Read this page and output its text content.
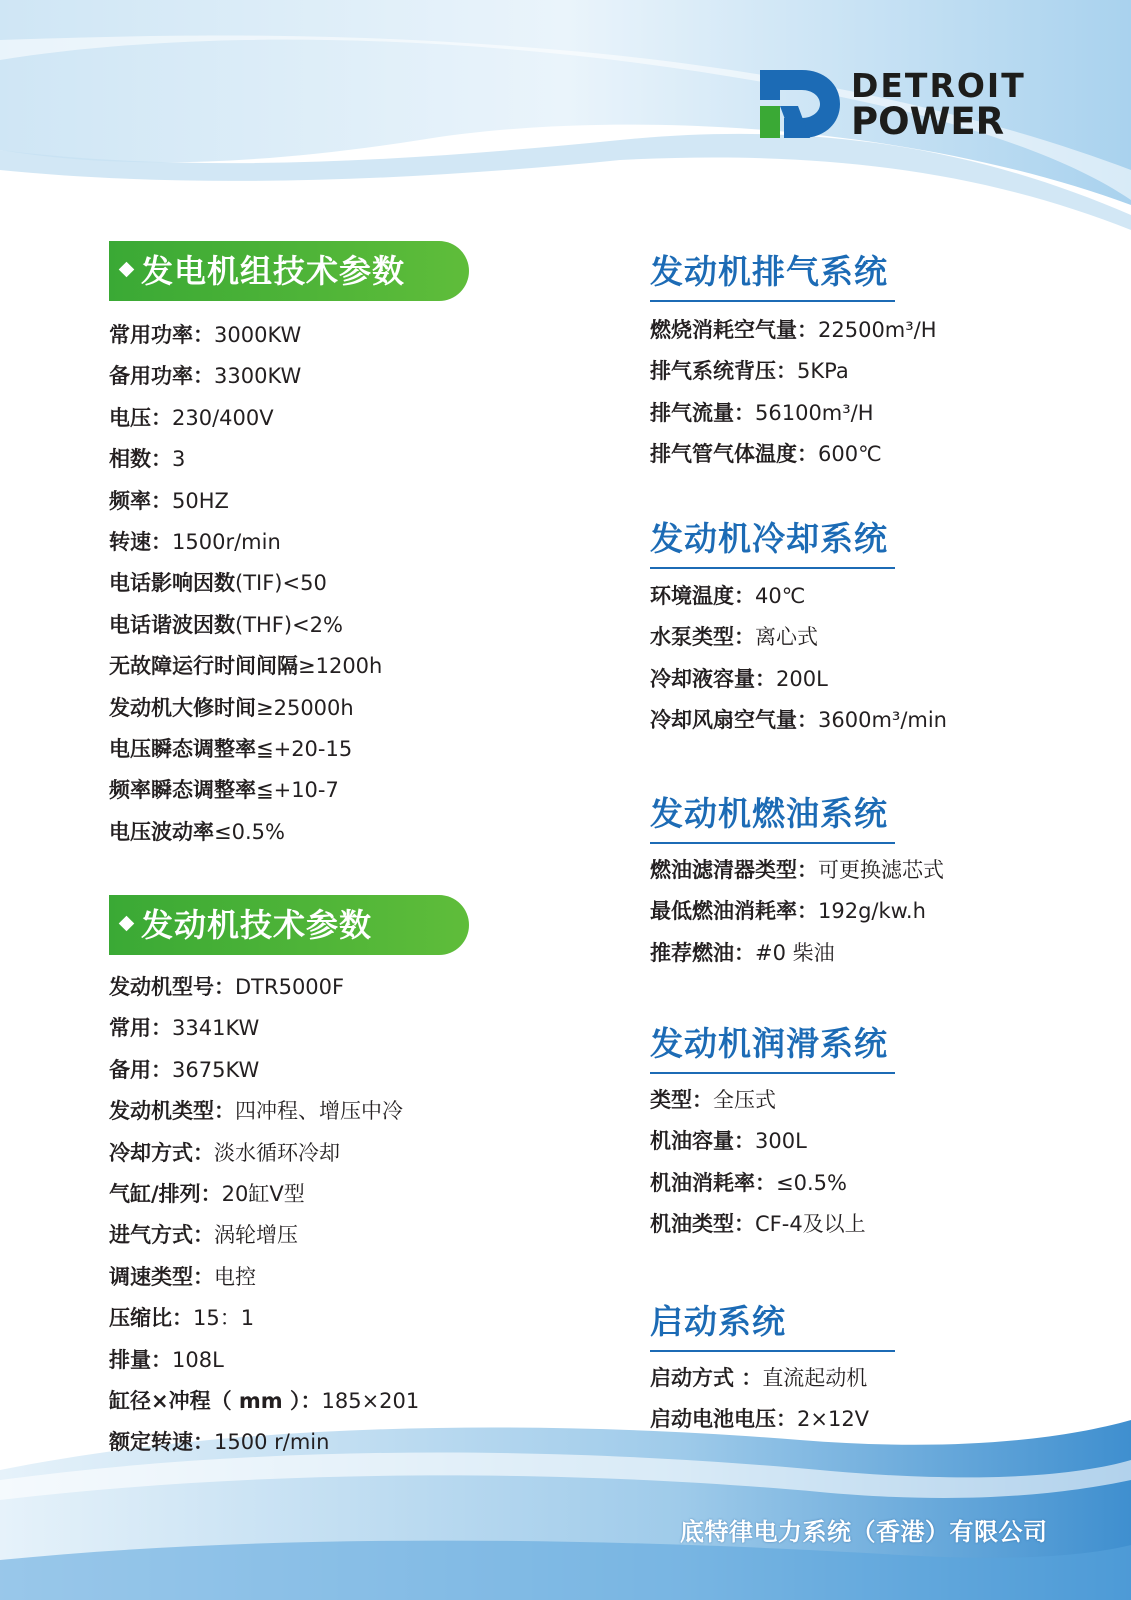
DETROIT
POWER
发电机组技术参数
常用功率：3000KW
备用功率：3300KW
电压：230/400V
相数：3
频率：50HZ
转速：1500r/min
电话影响因数(TIF)<50
电话谐波因数(THF)<2%
无故障运行时间间隔≥1200h
发动机大修时间≥25000h
电压瞬态调整率≦+20-15
频率瞬态调整率≦+10-7
电压波动率≤0.5%
发动机技术参数
发动机型号：DTR5000F
常用：3341KW
备用：3675KW
发动机类型：四冲程、增压中冷
冷却方式：淡水循环冷却
气缸/排列：20缸V型
进气方式：涡轮增压
调速类型：电控
压缩比：15：1
排量：108L
缸径×冲程（ mm ）：185×201
额定转速：1500 r/min
发动机排气系统
燃烧消耗空气量：22500m³/H
排气系统背压：5KPa
排气流量：56100m³/H
排气管气体温度：600℃
发动机冷却系统
环境温度：40℃
水泵类型：离心式
冷却液容量：200L
冷却风扇空气量：3600m³/min
发动机燃油系统
燃油滤清器类型：可更换滤芯式
最低燃油消耗率：192g/kw.h
推荐燃油：#0 柴油
发动机润滑系统
类型：全压式
机油容量：300L
机油消耗率：≤0.5%
机油类型：CF-4及以上
启动系统
启动方式 ：直流起动机
启动电池电压：2×12V
底特律电力系统（香港）有限公司
